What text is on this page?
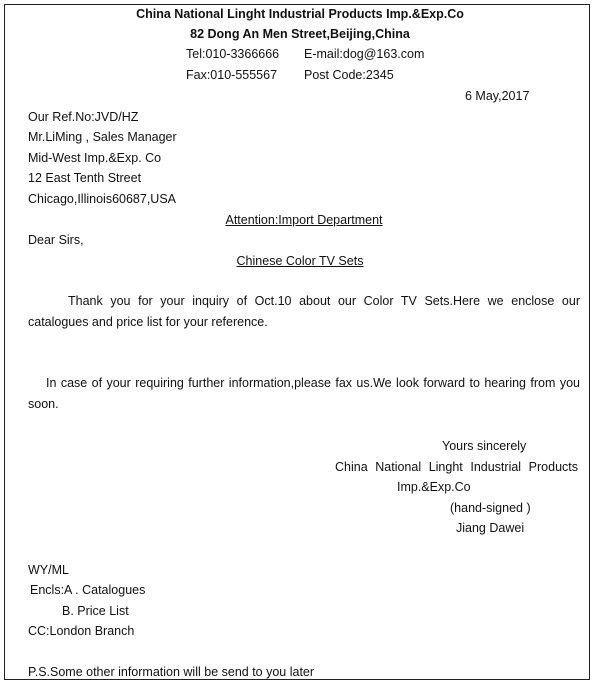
China National Linght Industrial Products Imp.&Exp.Co
82 Dong An Men Street,Beijing,China
Tel:010-3366666 E-mail:dog@163.com
Fax:010-555567 Post Code:2345
6 May,2017
Our Ref.No:JVD/HZ
Mr.LiMing , Sales Manager
Mid-West Imp.&Exp. Co
12 East Tenth Street
Chicago,Illinois60687,USA
Attention:Import Department
Dear Sirs,
Chinese Color TV Sets
Thank you for your inquiry of Oct.10 about our Color TV Sets.Here we enclose our catalogues and price list for your reference.
In case of your requiring further information,please fax us.We look forward to hearing from you soon.
Yours sincerely
China National Linght Industrial Products
Imp.&Exp.Co
(hand-signed )
Jiang Dawei
WY/ML
Encls:A . Catalogues
B. Price List
CC:London Branch
P.S.Some other information will be send to you later
